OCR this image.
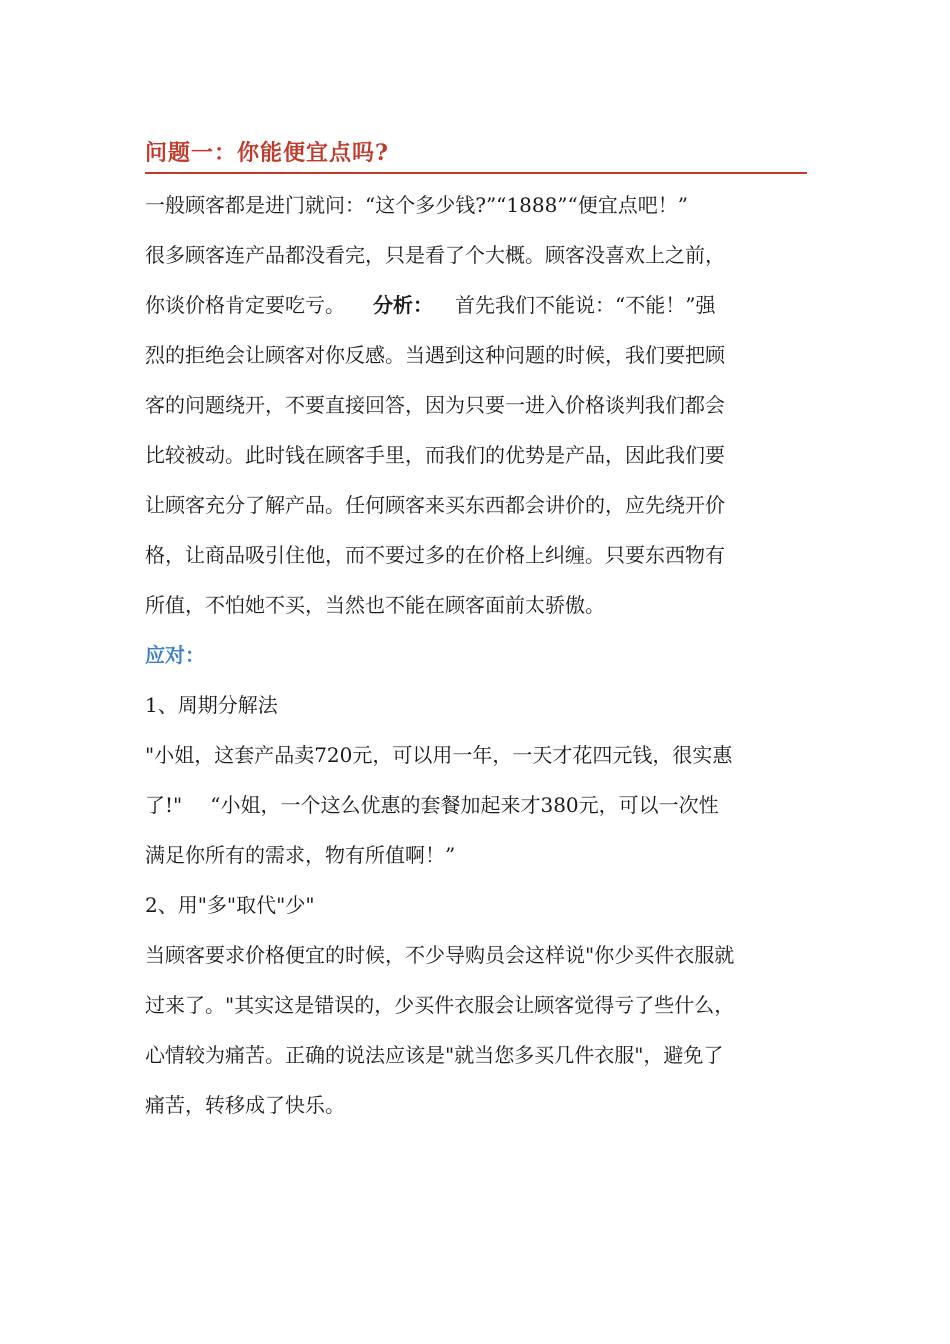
问题一：你能便宜点吗?
一般顾客都是进门就问：“这个多少钱?”“1888”“便宜点吧！”
很多顾客连产品都没看完，只是看了个大概。顾客没喜欢上之前，
你谈价格肯定要吃亏。 分析： 首先我们不能说：“不能！”强
烈的拒绝会让顾客对你反感。当遇到这种问题的时候，我们要把顾
客的问题绕开，不要直接回答，因为只要一进入价格谈判我们都会
比较被动。此时钱在顾客手里，而我们的优势是产品，因此我们要
让顾客充分了解产品。任何顾客来买东西都会讲价的，应先绕开价
格，让商品吸引住他，而不要过多的在价格上纠缠。只要东西物有
所值，不怕她不买，当然也不能在顾客面前太骄傲。
应对：
1、周期分解法
"小姐，这套产品卖720元，可以用一年，一天才花四元钱，很实惠
了!" “小姐，一个这么优惠的套餐加起来才380元，可以一次性
满足你所有的需求，物有所值啊！”
2、用"多"取代"少"
当顾客要求价格便宜的时候，不少导购员会这样说"你少买件衣服就
过来了。"其实这是错误的，少买件衣服会让顾客觉得亏了些什么，
心情较为痛苦。正确的说法应该是"就当您多买几件衣服"，避免了
痛苦，转移成了快乐。
